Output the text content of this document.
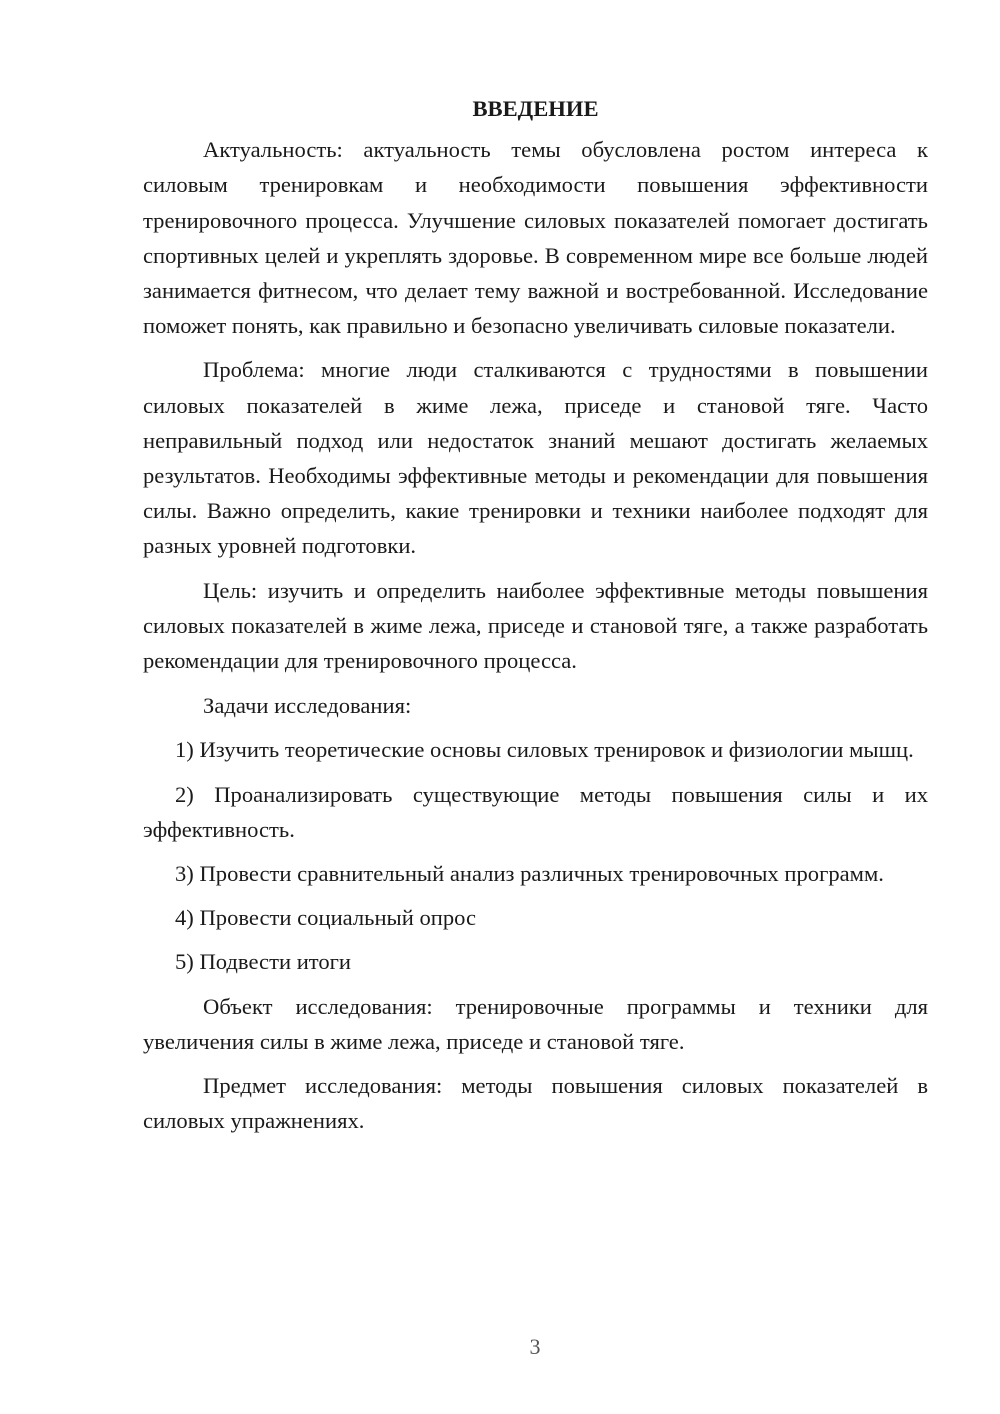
ВВЕДЕНИЕ

Актуальность: актуальность темы обусловлена ростом интереса к силовым тренировкам и необходимости повышения эффективности тренировочного процесса. Улучшение силовых показателей помогает достигать спортивных целей и укреплять здоровье. В современном мире все больше людей занимается фитнесом, что делает тему важной и востребованной. Исследование поможет понять, как правильно и безопасно увеличивать силовые показатели.

Проблема: многие люди сталкиваются с трудностями в повышении силовых показателей в жиме лежа, приседе и становой тяге. Часто неправильный подход или недостаток знаний мешают достигать желаемых результатов. Необходимы эффективные методы и рекомендации для повышения силы. Важно определить, какие тренировки и техники наиболее подходят для разных уровней подготовки.

Цель: изучить и определить наиболее эффективные методы повышения силовых показателей в жиме лежа, приседе и становой тяге, а также разработать рекомендации для тренировочного процесса.

Задачи исследования:

1) Изучить теоретические основы силовых тренировок и физиологии мышц.

2) Проанализировать существующие методы повышения силы и их эффективность.

3) Провести сравнительный анализ различных тренировочных программ.

4) Провести социальный опрос

5) Подвести итоги

Объект исследования: тренировочные программы и техники для увеличения силы в жиме лежа, приседе и становой тяге.

Предмет исследования: методы повышения силовых показателей в силовых упражнениях.

3
